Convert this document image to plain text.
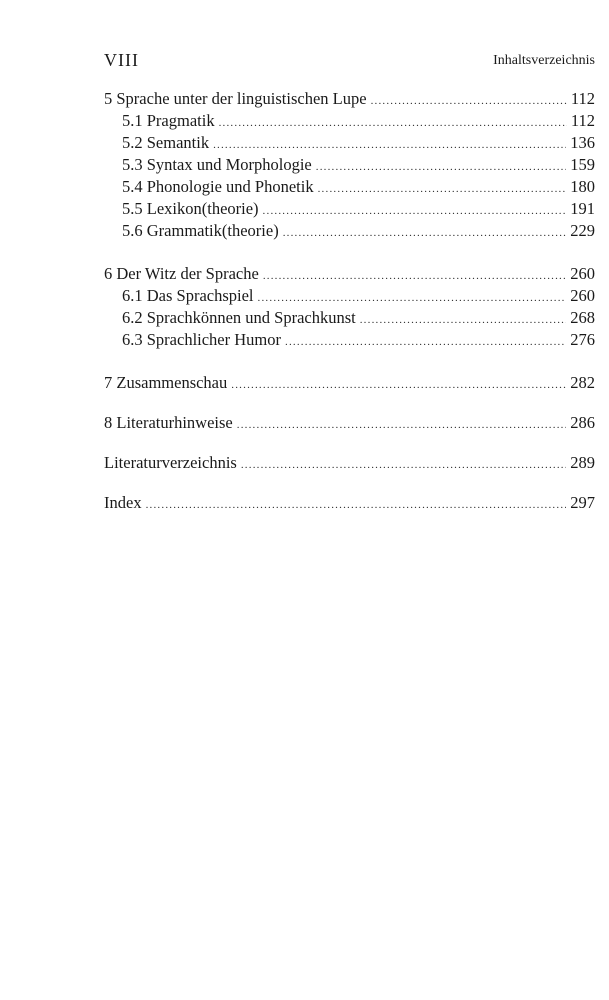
VIII	Inhaltsverzeichnis
5 Sprache unter der linguistischen Lupe .....	112
5.1 Pragmatik .....	112
5.2 Semantik .....	136
5.3 Syntax und Morphologie .....	159
5.4 Phonologie und Phonetik .....	180
5.5 Lexikon(theorie) .....	191
5.6 Grammatik(theorie) .....	229
6 Der Witz der Sprache .....	260
6.1 Das Sprachspiel .....	260
6.2 Sprachkönnen und Sprachkunst .....	268
6.3 Sprachlicher Humor .....	276
7 Zusammenschau .....	282
8 Literaturhinweise .....	286
Literaturverzeichnis .....	289
Index .....	297
